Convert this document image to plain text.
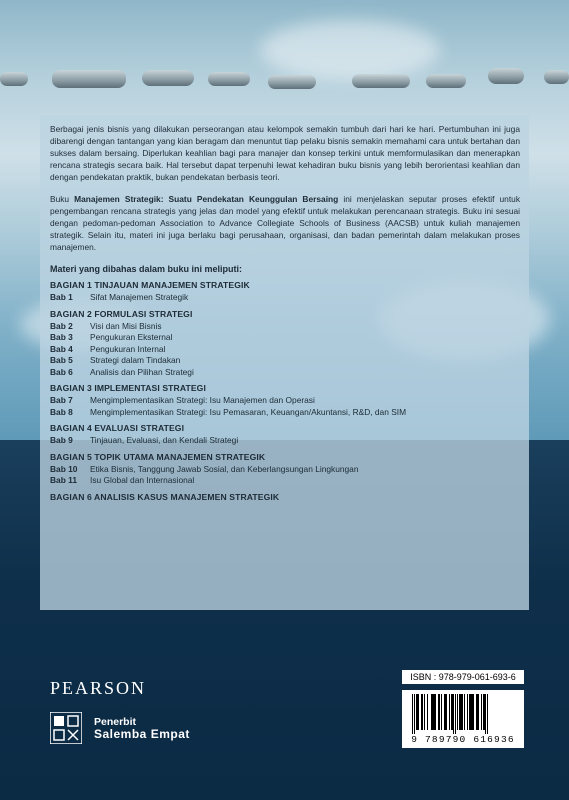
Berbagai jenis bisnis yang dilakukan perseorangan atau kelompok semakin tumbuh dari hari ke hari. Pertumbuhan ini juga dibarengi dengan tantangan yang kian beragam dan menuntut tiap pelaku bisnis semakin memahami cara untuk bertahan dan sukses dalam bersaing. Diperlukan keahlian bagi para manajer dan konsep terkini untuk memformulasikan dan menerapkan rencana strategis secara baik. Hal tersebut dapat terpenuhi lewat kehadiran buku bisnis yang lebih berorientasi keahlian dan dengan pendekatan praktik, bukan pendekatan berbasis teori.

Buku Manajemen Strategik: Suatu Pendekatan Keunggulan Bersaing ini menjelaskan seputar proses efektif untuk pengembangan rencana strategis yang jelas dan model yang efektif untuk melakukan perencanaan strategis. Buku ini sesuai dengan pedoman-pedoman Association to Advance Collegiate Schools of Business (AACSB) untuk kuliah manajemen strategik. Selain itu, materi ini juga berlaku bagi perusahaan, organisasi, dan badan pemerintah dalam melakukan proses manajemen.

Materi yang dibahas dalam buku ini meliputi:
BAGIAN 1 TINJAUAN MANAJEMEN STRATEGIK
Bab 1	Sifat Manajemen Strategik
BAGIAN 2 FORMULASI STRATEGI
Bab 2	Visi dan Misi Bisnis
Bab 3	Pengukuran Eksternal
Bab 4	Pengukuran Internal
Bab 5	Strategi dalam Tindakan
Bab 6	Analisis dan Pilihan Strategi
BAGIAN 3 IMPLEMENTASI STRATEGI
Bab 7	Mengimplementasikan Strategi: Isu Manajemen dan Operasi
Bab 8	Mengimplementasikan Strategi: Isu Pemasaran, Keuangan/Akuntansi, R&D, dan SIM
BAGIAN 4 EVALUASI STRATEGI
Bab 9	Tinjauan, Evaluasi, dan Kendali Strategi
BAGIAN 5 TOPIK UTAMA MANAJEMEN STRATEGIK
Bab 10	Etika Bisnis, Tanggung Jawab Sosial, dan Keberlangsungan Lingkungan
Bab 11	Isu Global dan Internasional
BAGIAN 6 ANALISIS KASUS MANAJEMEN STRATEGIK
PEARSON
Penerbit
Salemba Empat
ISBN : 978-979-061-693-6
9 789790 616936
